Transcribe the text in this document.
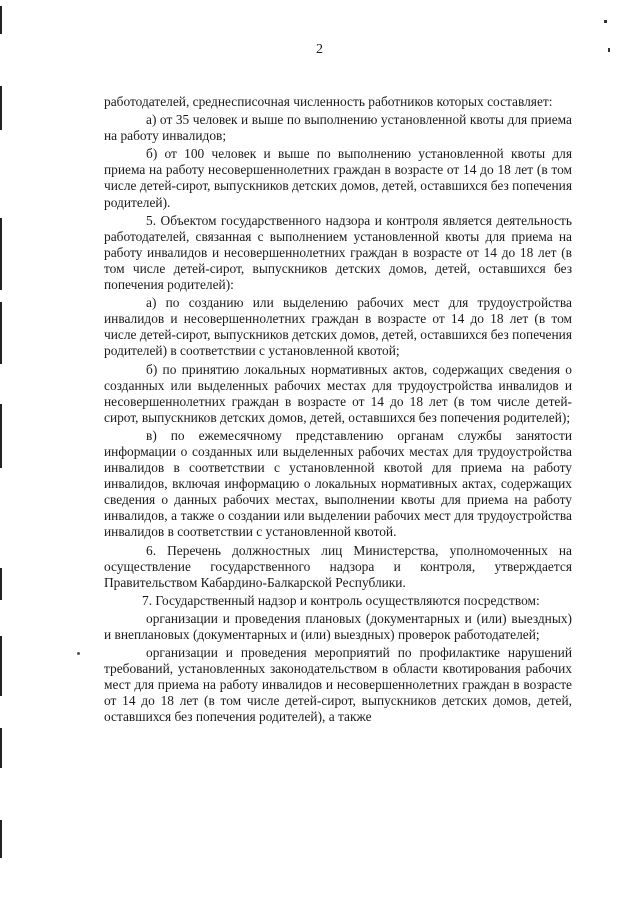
2

работодателей, среднесписочная численность работников которых составляет:

а) от 35 человек и выше по выполнению установленной квоты для приема на работу инвалидов;

б) от 100 человек и выше по выполнению установленной квоты для приема на работу несовершеннолетних граждан в возрасте от 14 до 18 лет (в том числе детей-сирот, выпускников детских домов, детей, оставшихся без попечения родителей).

5. Объектом государственного надзора и контроля является деятельность работодателей, связанная с выполнением установленной квоты для приема на работу инвалидов и несовершеннолетних граждан в возрасте от 14 до 18 лет (в том числе детей-сирот, выпускников детских домов, детей, оставшихся без попечения родителей):

а) по созданию или выделению рабочих мест для трудоустройства инвалидов и несовершеннолетних граждан в возрасте от 14 до 18 лет (в том числе детей-сирот, выпускников детских домов, детей, оставшихся без попечения родителей) в соответствии с установленной квотой;

б) по принятию локальных нормативных актов, содержащих сведения о созданных или выделенных рабочих местах для трудоустройства инвалидов и несовершеннолетних граждан в возрасте от 14 до 18 лет (в том числе детей-сирот, выпускников детских домов, детей, оставшихся без попечения родителей);

в) по ежемесячному представлению органам службы занятости информации о созданных или выделенных рабочих местах для трудоустройства инвалидов в соответствии с установленной квотой для приема на работу инвалидов, включая информацию о локальных нормативных актах, содержащих сведения о данных рабочих местах, выполнении квоты для приема на работу инвалидов, а также о создании или выделении рабочих мест для трудоустройства инвалидов в соответствии с установленной квотой.

6. Перечень должностных лиц Министерства, уполномоченных на осуществление государственного надзора и контроля, утверждается Правительством Кабардино-Балкарской Республики.

7. Государственный надзор и контроль осуществляются посредством:

организации и проведения плановых (документарных и (или) выездных) и внеплановых (документарных и (или) выездных) проверок работодателей;

организации и проведения мероприятий по профилактике нарушений требований, установленных законодательством в области квотирования рабочих мест для приема на работу инвалидов и несовершеннолетних граждан в возрасте от 14 до 18 лет (в том числе детей-сирот, выпускников детских домов, детей, оставшихся без попечения родителей), а также
